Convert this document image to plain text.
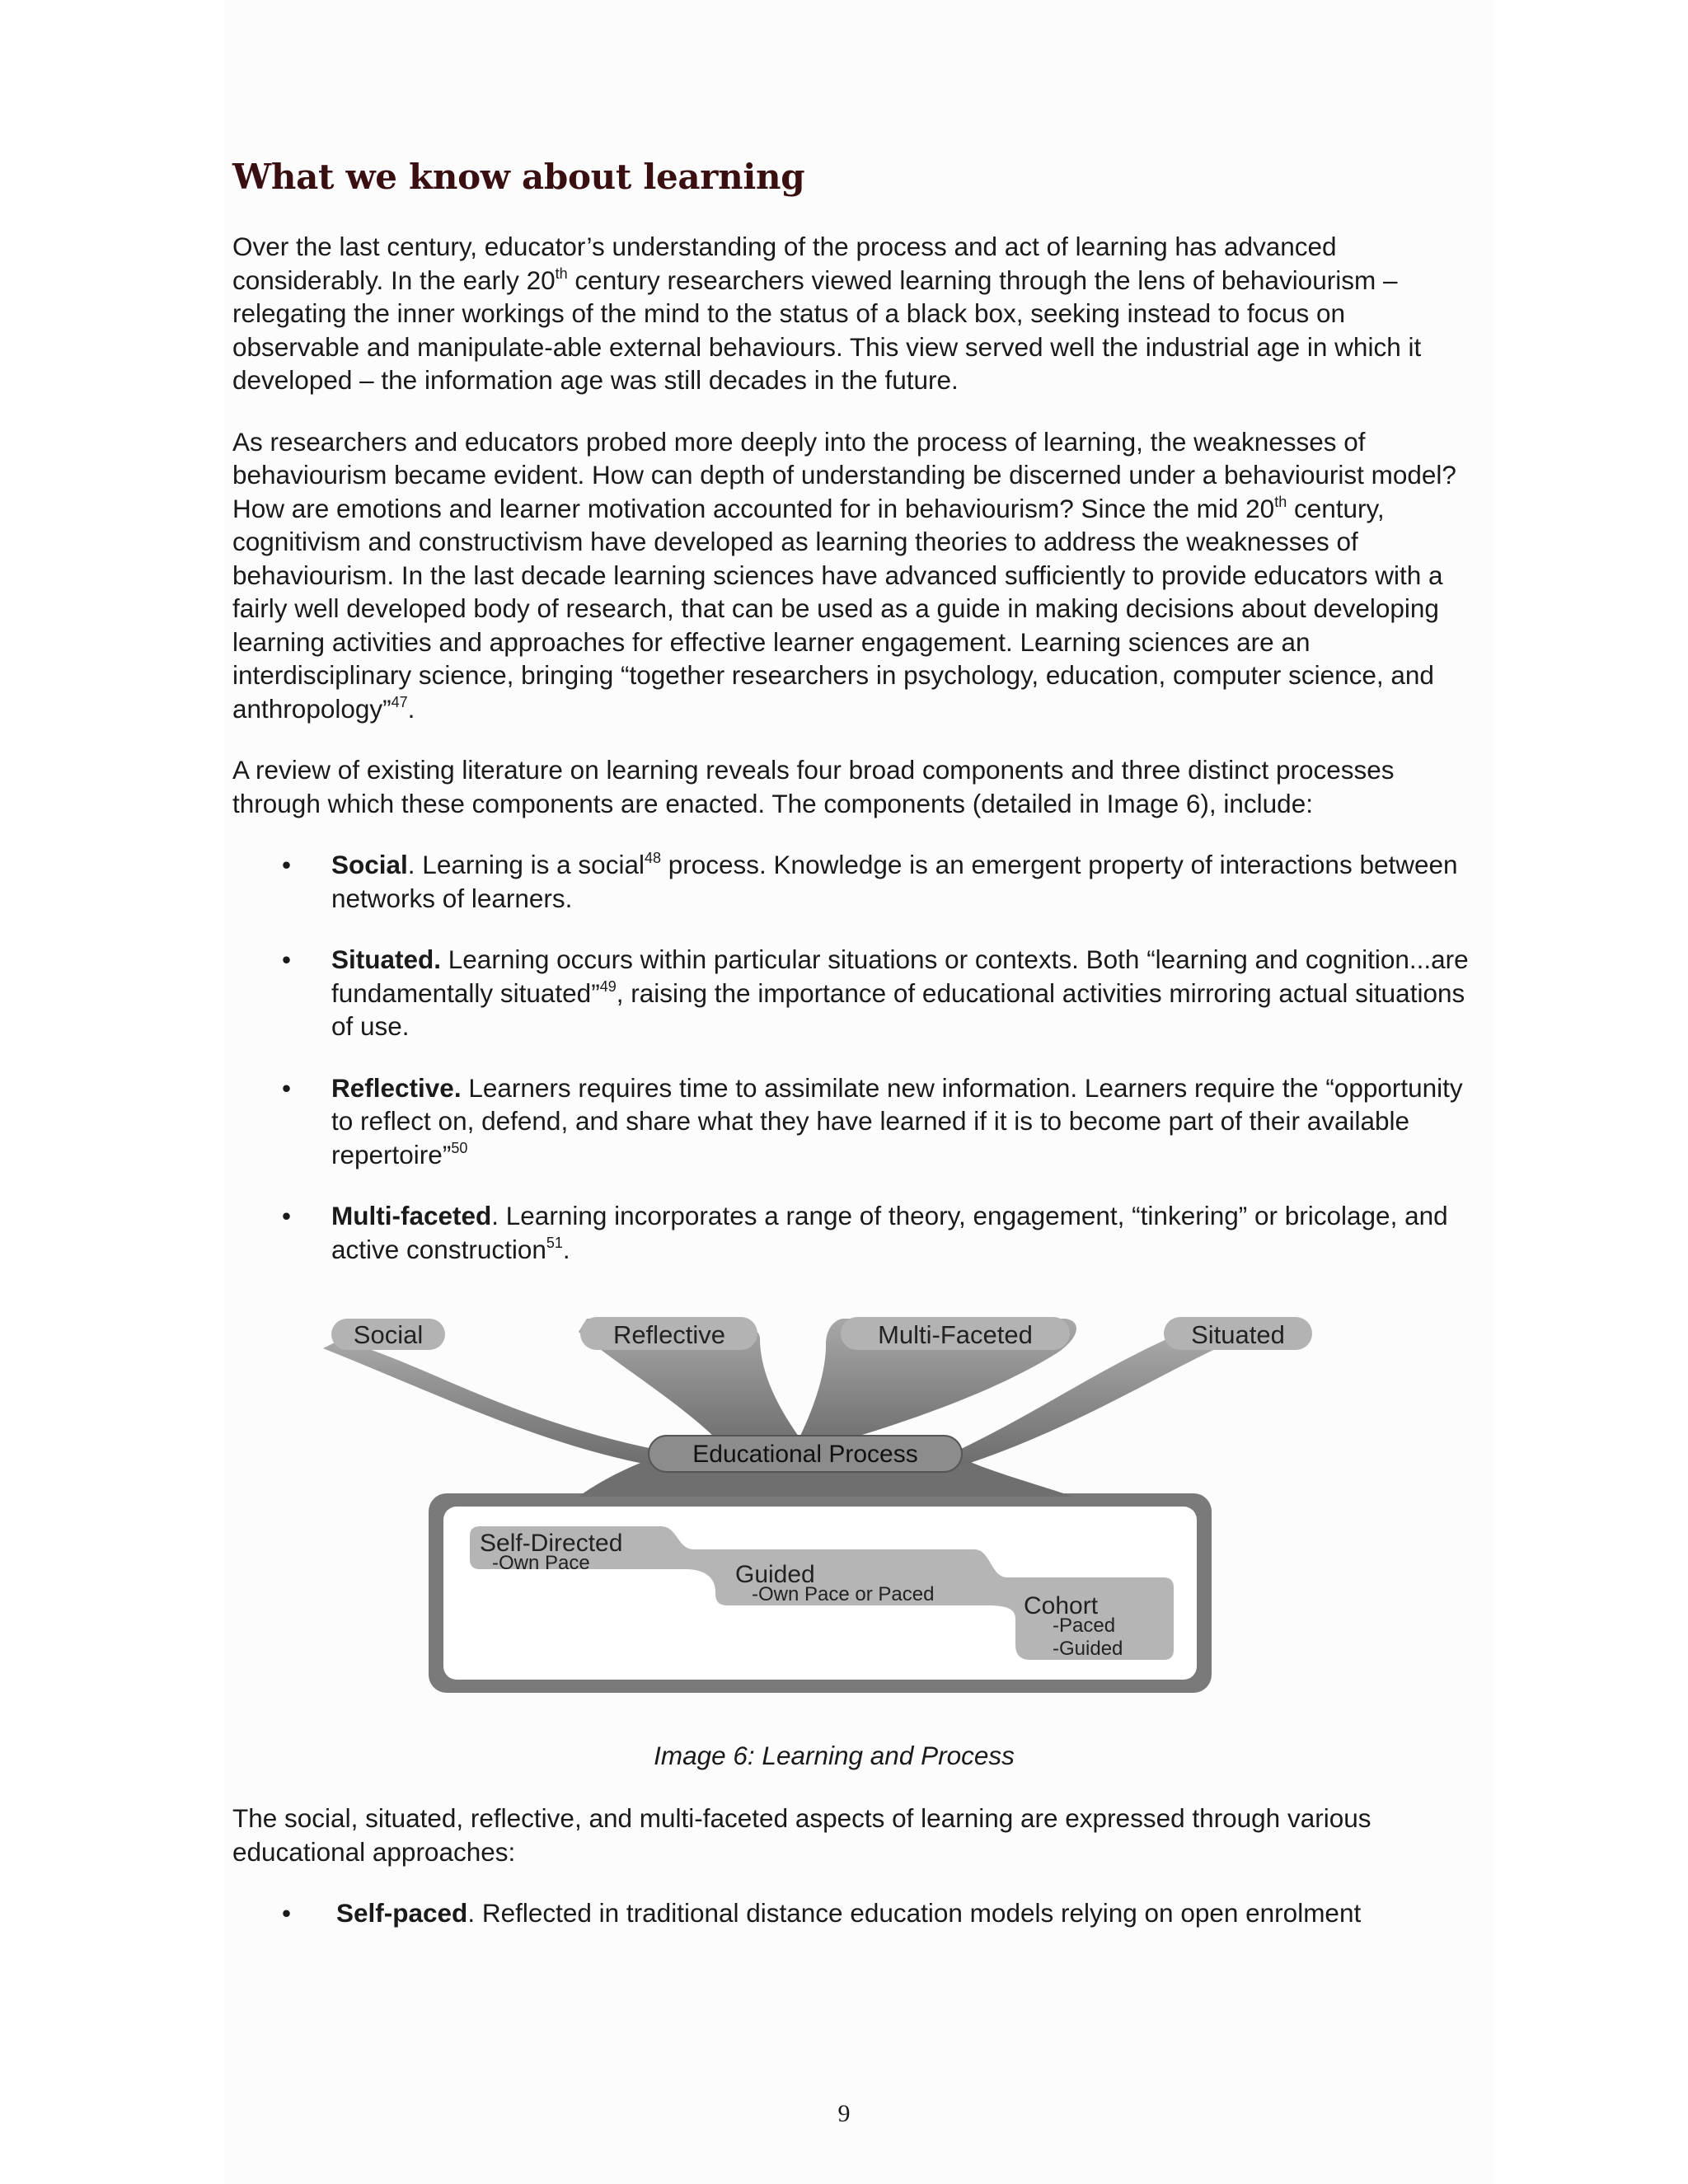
What we know about learning

Over the last century, educator’s understanding of the process and act of learning has advanced considerably. In the early 20th century researchers viewed learning through the lens of behaviourism – relegating the inner workings of the mind to the status of a black box, seeking instead to focus on observable and manipulate-able external behaviours. This view served well the industrial age in which it developed – the information age was still decades in the future.

As researchers and educators probed more deeply into the process of learning, the weaknesses of behaviourism became evident. How can depth of understanding be discerned under a behaviourist model? How are emotions and learner motivation accounted for in behaviourism? Since the mid 20th century, cognitivism and constructivism have developed as learning theories to address the weaknesses of behaviourism. In the last decade learning sciences have advanced sufficiently to provide educators with a fairly well developed body of research, that can be used as a guide in making decisions about developing learning activities and approaches for effective learner engagement. Learning sciences are an interdisciplinary science, bringing “together researchers in psychology, education, computer science, and anthropology”$^{47}$.

A review of existing literature on learning reveals four broad components and three distinct processes through which these components are enacted. The components (detailed in Image 6), include:

• Social. Learning is a social$^{48}$ process. Knowledge is an emergent property of interactions between networks of learners.
• Situated. Learning occurs within particular situations or contexts. Both “learning and cognition...are fundamentally situated”$^{49}$, raising the importance of educational activities mirroring actual situations of use.
• Reflective. Learners requires time to assimilate new information. Learners require the “opportunity to reflect on, defend, and share what they have learned if it is to become part of their available repertoire”$^{50}$
• Multi-faceted. Learning incorporates a range of theory, engagement, “tinkering” or bricolage, and active construction$^{51}$.
Social	Reflective	Multi-Faceted	Situated
Educational Process
Self-Directed
-Own Pace	Guided
-Own Pace or Paced	Cohort
-Paced
-Guided

Image 6: Learning and Process

The social, situated, reflective, and multi-faceted aspects of learning are expressed through various educational approaches:

• Self-paced. Reflected in traditional distance education models relying on open enrolment
9
